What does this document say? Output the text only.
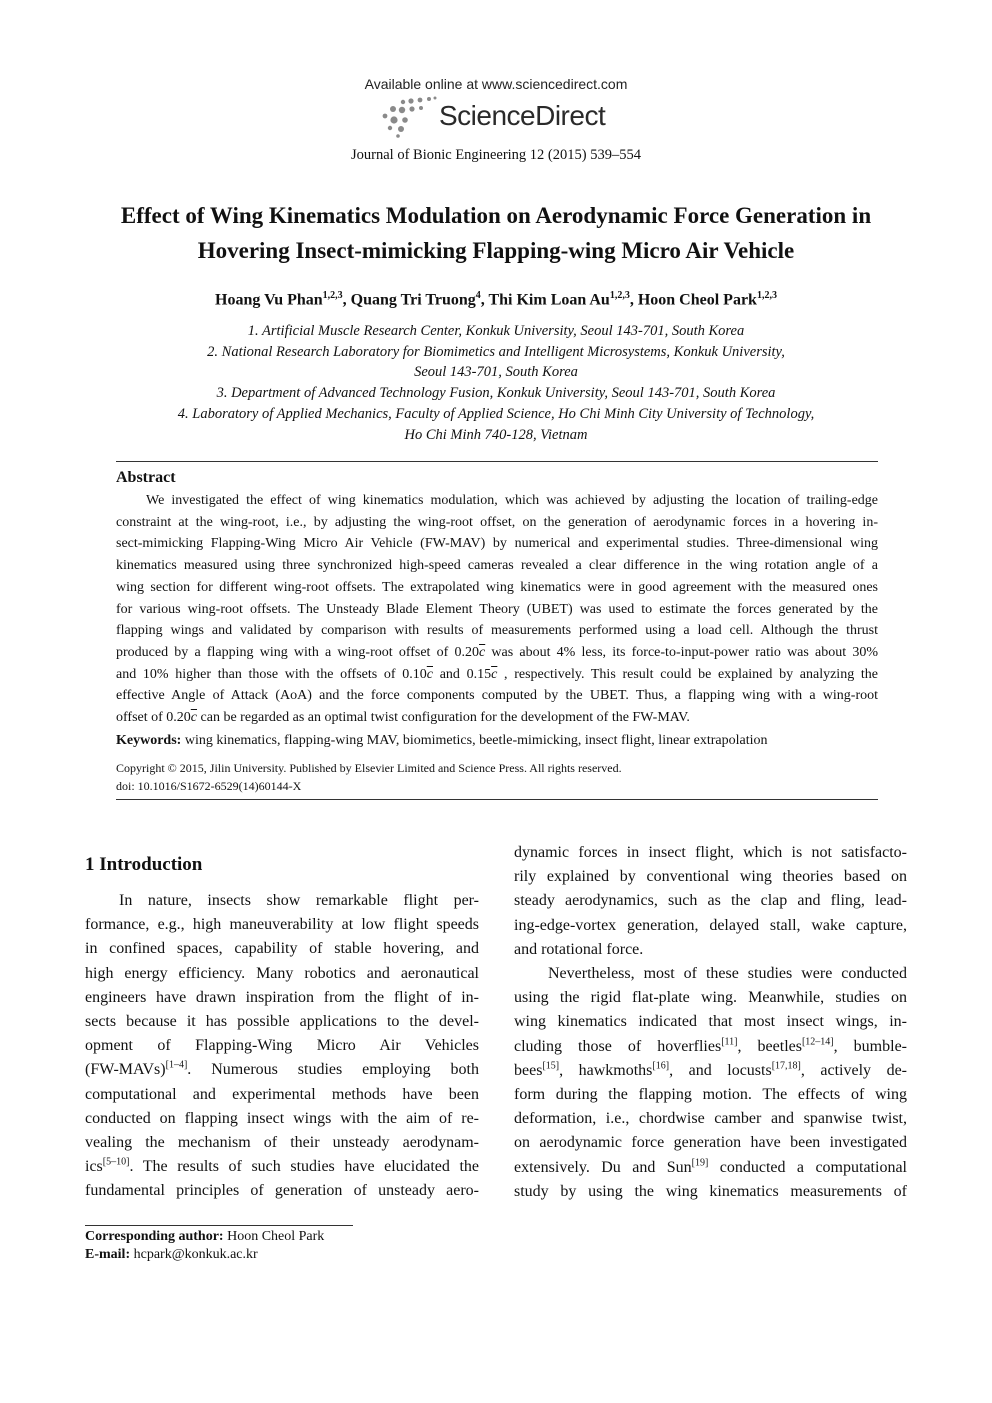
Available online at www.sciencedirect.com
ScienceDirect
Journal of Bionic Engineering 12 (2015) 539–554
Effect of Wing Kinematics Modulation on Aerodynamic Force Generation in
Hovering Insect-mimicking Flapping-wing Micro Air Vehicle
Hoang Vu Phan$^{1,2,3}$, Quang Tri Truong$^4$, Thi Kim Loan Au$^{1,2,3}$, Hoon Cheol Park$^{1,2,3}$
1. Artificial Muscle Research Center, Konkuk University, Seoul 143-701, South Korea
2. National Research Laboratory for Biomimetics and Intelligent Microsystems, Konkuk University,
Seoul 143-701, South Korea
3. Department of Advanced Technology Fusion, Konkuk University, Seoul 143-701, South Korea
4. Laboratory of Applied Mechanics, Faculty of Applied Science, Ho Chi Minh City University of Technology,
Ho Chi Minh 740-128, Vietnam
Abstract
We investigated the effect of wing kinematics modulation, which was achieved by adjusting the location of trailing-edge
constraint at the wing-root, i.e., by adjusting the wing-root offset, on the generation of aerodynamic forces in a hovering in-
sect-mimicking Flapping-Wing Micro Air Vehicle (FW-MAV) by numerical and experimental studies. Three-dimensional wing
kinematics measured using three synchronized high-speed cameras revealed a clear difference in the wing rotation angle of a
wing section for different wing-root offsets. The extrapolated wing kinematics were in good agreement with the measured ones
for various wing-root offsets. The Unsteady Blade Element Theory (UBET) was used to estimate the forces generated by the
flapping wings and validated by comparison with results of measurements performed using a load cell. Although the thrust
produced by a flapping wing with a wing-root offset of $0.20\overline{c}$ was about 4% less, its force-to-input-power ratio was about 30%
and 10% higher than those with the offsets of $0.10\overline{c}$ and $0.15\overline{c}$ , respectively. This result could be explained by analyzing the
effective Angle of Attack (AoA) and the force components computed by the UBET. Thus, a flapping wing with a wing-root
offset of $0.20\overline{c}$ can be regarded as an optimal twist configuration for the development of the FW-MAV.
Keywords: wing kinematics, flapping-wing MAV, biomimetics, beetle-mimicking, insect flight, linear extrapolation
Copyright © 2015, Jilin University. Published by Elsevier Limited and Science Press. All rights reserved.
doi: 10.1016/S1672-6529(14)60144-X
1 Introduction
In nature, insects show remarkable flight per-
formance, e.g., high maneuverability at low flight speeds
in confined spaces, capability of stable hovering, and
high energy efficiency. Many robotics and aeronautical
engineers have drawn inspiration from the flight of in-
sects because it has possible applications to the devel-
opment of Flapping-Wing Micro Air Vehicles
(FW-MAVs)[1–4]. Numerous studies employing both
computational and experimental methods have been
conducted on flapping insect wings with the aim of re-
vealing the mechanism of their unsteady aerodynam-
ics[5–10]. The results of such studies have elucidated the
fundamental principles of generation of unsteady aero-
dynamic forces in insect flight, which is not satisfacto-
rily explained by conventional wing theories based on
steady aerodynamics, such as the clap and fling, lead-
ing-edge-vortex generation, delayed stall, wake capture,
and rotational force.
Nevertheless, most of these studies were conducted
using the rigid flat-plate wing. Meanwhile, studies on
wing kinematics indicated that most insect wings, in-
cluding those of hoverflies[11], beetles[12–14], bumble-
bees[15], hawkmoths[16], and locusts[17,18], actively de-
form during the flapping motion. The effects of wing
deformation, i.e., chordwise camber and spanwise twist,
on aerodynamic force generation have been investigated
extensively. Du and Sun[19] conducted a computational
study by using the wing kinematics measurements of
Corresponding author: Hoon Cheol Park
E-mail: hcpark@konkuk.ac.kr
